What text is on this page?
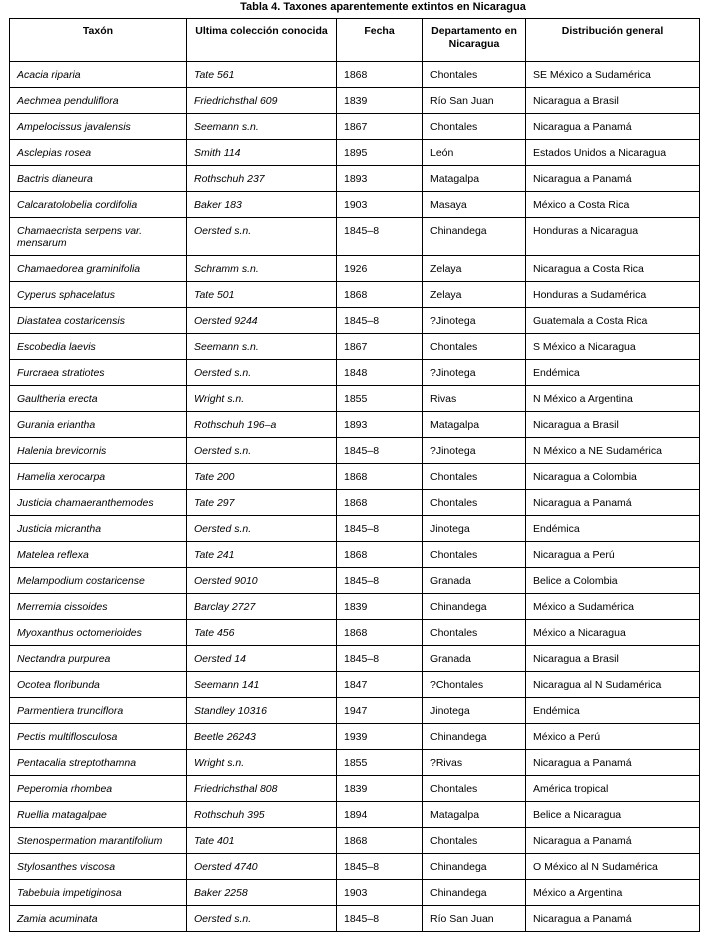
Tabla 4. Taxones aparentemente extintos en Nicaragua
Taxón	Ultima colección conocida	Fecha	Departamento en Nicaragua	Distribución general
Acacia riparia	Tate 561	1868	Chontales	SE México a Sudamérica
Aechmea penduliflora	Friedrichsthal 609	1839	Río San Juan	Nicaragua a Brasil
Ampelocissus javalensis	Seemann s.n.	1867	Chontales	Nicaragua a Panamá
Asclepias rosea	Smith 114	1895	León	Estados Unidos a Nicaragua
Bactris dianeura	Rothschuh 237	1893	Matagalpa	Nicaragua a Panamá
Calcaratolobelia cordifolia	Baker 183	1903	Masaya	México a Costa Rica
Chamaecrista serpens var. mensarum	Oersted s.n.	1845–8	Chinandega	Honduras a Nicaragua
Chamaedorea graminifolia	Schramm s.n.	1926	Zelaya	Nicaragua a Costa Rica
Cyperus sphacelatus	Tate 501	1868	Zelaya	Honduras a Sudamérica
Diastatea costaricensis	Oersted 9244	1845–8	?Jinotega	Guatemala a Costa Rica
Escobedia laevis	Seemann s.n.	1867	Chontales	S México a Nicaragua
Furcraea stratiotes	Oersted s.n.	1848	?Jinotega	Endémica
Gaultheria erecta	Wright s.n.	1855	Rivas	N México a Argentina
Gurania eriantha	Rothschuh 196–a	1893	Matagalpa	Nicaragua a Brasil
Halenia brevicornis	Oersted s.n.	1845–8	?Jinotega	N México a NE Sudamérica
Hamelia xerocarpa	Tate 200	1868	Chontales	Nicaragua a Colombia
Justicia chamaeranthemodes	Tate 297	1868	Chontales	Nicaragua a Panamá
Justicia micrantha	Oersted s.n.	1845–8	Jinotega	Endémica
Matelea reflexa	Tate 241	1868	Chontales	Nicaragua a Perú
Melampodium costaricense	Oersted 9010	1845–8	Granada	Belice a Colombia
Merremia cissoides	Barclay 2727	1839	Chinandega	México a Sudamérica
Myoxanthus octomerioides	Tate 456	1868	Chontales	México a Nicaragua
Nectandra purpurea	Oersted 14	1845–8	Granada	Nicaragua a Brasil
Ocotea floribunda	Seemann 141	1847	?Chontales	Nicaragua al N Sudamérica
Parmentiera trunciflora	Standley 10316	1947	Jinotega	Endémica
Pectis multiflosculosa	Beetle 26243	1939	Chinandega	México a Perú
Pentacalia streptothamna	Wright s.n.	1855	?Rivas	Nicaragua a Panamá
Peperomia rhombea	Friedrichsthal 808	1839	Chontales	América tropical
Ruellia matagalpae	Rothschuh 395	1894	Matagalpa	Belice a Nicaragua
Stenospermation marantifolium	Tate 401	1868	Chontales	Nicaragua a Panamá
Stylosanthes viscosa	Oersted 4740	1845–8	Chinandega	O México al N Sudamérica
Tabebuia impetiginosa	Baker 2258	1903	Chinandega	México a Argentina
Zamia acuminata	Oersted s.n.	1845–8	Río San Juan	Nicaragua a Panamá
